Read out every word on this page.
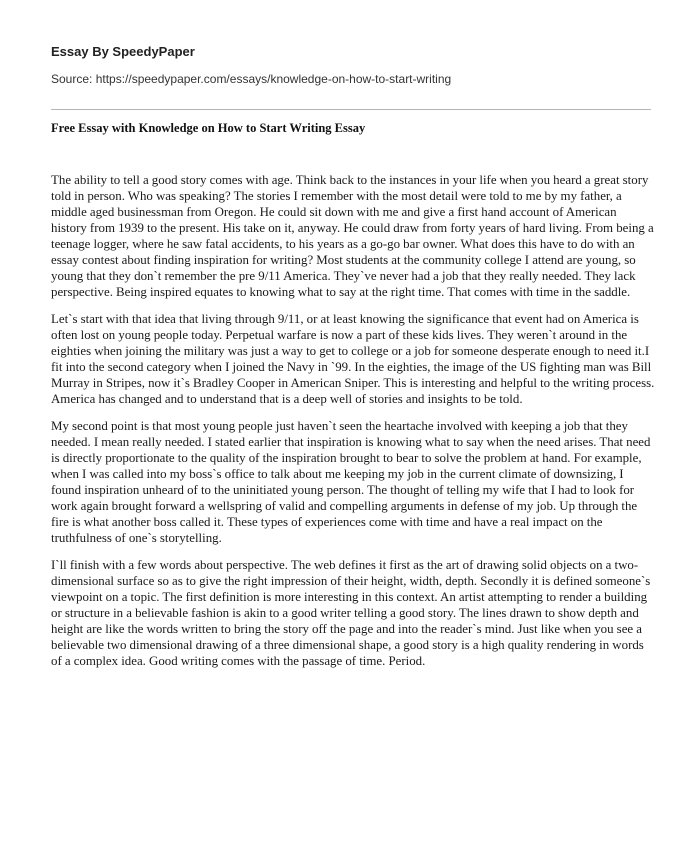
Essay By SpeedyPaper

Source: https://speedypaper.com/essays/knowledge-on-how-to-start-writing

Free Essay with Knowledge on How to Start Writing Essay

The ability to tell a good story comes with age. Think back to the instances in your life when you heard a great story told in person. Who was speaking? The stories I remember with the most detail were told to me by my father, a middle aged businessman from Oregon. He could sit down with me and give a first hand account of American history from 1939 to the present. His take on it, anyway. He could draw from forty years of hard living. From being a teenage logger, where he saw fatal accidents, to his years as a go-go bar owner. What does this have to do with an essay contest about finding inspiration for writing? Most students at the community college I attend are young, so young that they don`t remember the pre 9/11 America. They`ve never had a job that they really needed. They lack perspective. Being inspired equates to knowing what to say at the right time. That comes with time in the saddle.

Let`s start with that idea that living through 9/11, or at least knowing the significance that event had on America is often lost on young people today. Perpetual warfare is now a part of these kids lives. They weren`t around in the eighties when joining the military was just a way to get to college or a job for someone desperate enough to need it.I fit into the second category when I joined the Navy in `99. In the eighties, the image of the US fighting man was Bill Murray in Stripes, now it`s Bradley Cooper in American Sniper. This is interesting and helpful to the writing process. America has changed and to understand that is a deep well of stories and insights to be told.

My second point is that most young people just haven`t seen the heartache involved with keeping a job that they needed. I mean really needed. I stated earlier that inspiration is knowing what to say when the need arises. That need is directly proportionate to the quality of the inspiration brought to bear to solve the problem at hand. For example, when I was called into my boss`s office to talk about me keeping my job in the current climate of downsizing, I found inspiration unheard of to the uninitiated young person. The thought of telling my wife that I had to look for work again brought forward a wellspring of valid and compelling arguments in defense of my job. Up through the fire is what another boss called it. These types of experiences come with time and have a real impact on the truthfulness of one`s storytelling.

I`ll finish with a few words about perspective. The web defines it first as the art of drawing solid objects on a two-dimensional surface so as to give the right impression of their height, width, depth. Secondly it is defined someone`s viewpoint on a topic. The first definition is more interesting in this context. An artist attempting to render a building or structure in a believable fashion is akin to a good writer telling a good story. The lines drawn to show depth and height are like the words written to bring the story off the page and into the reader`s mind. Just like when you see a believable two dimensional drawing of a three dimensional shape, a good story is a high quality rendering in words of a complex idea. Good writing comes with the passage of time. Period.
